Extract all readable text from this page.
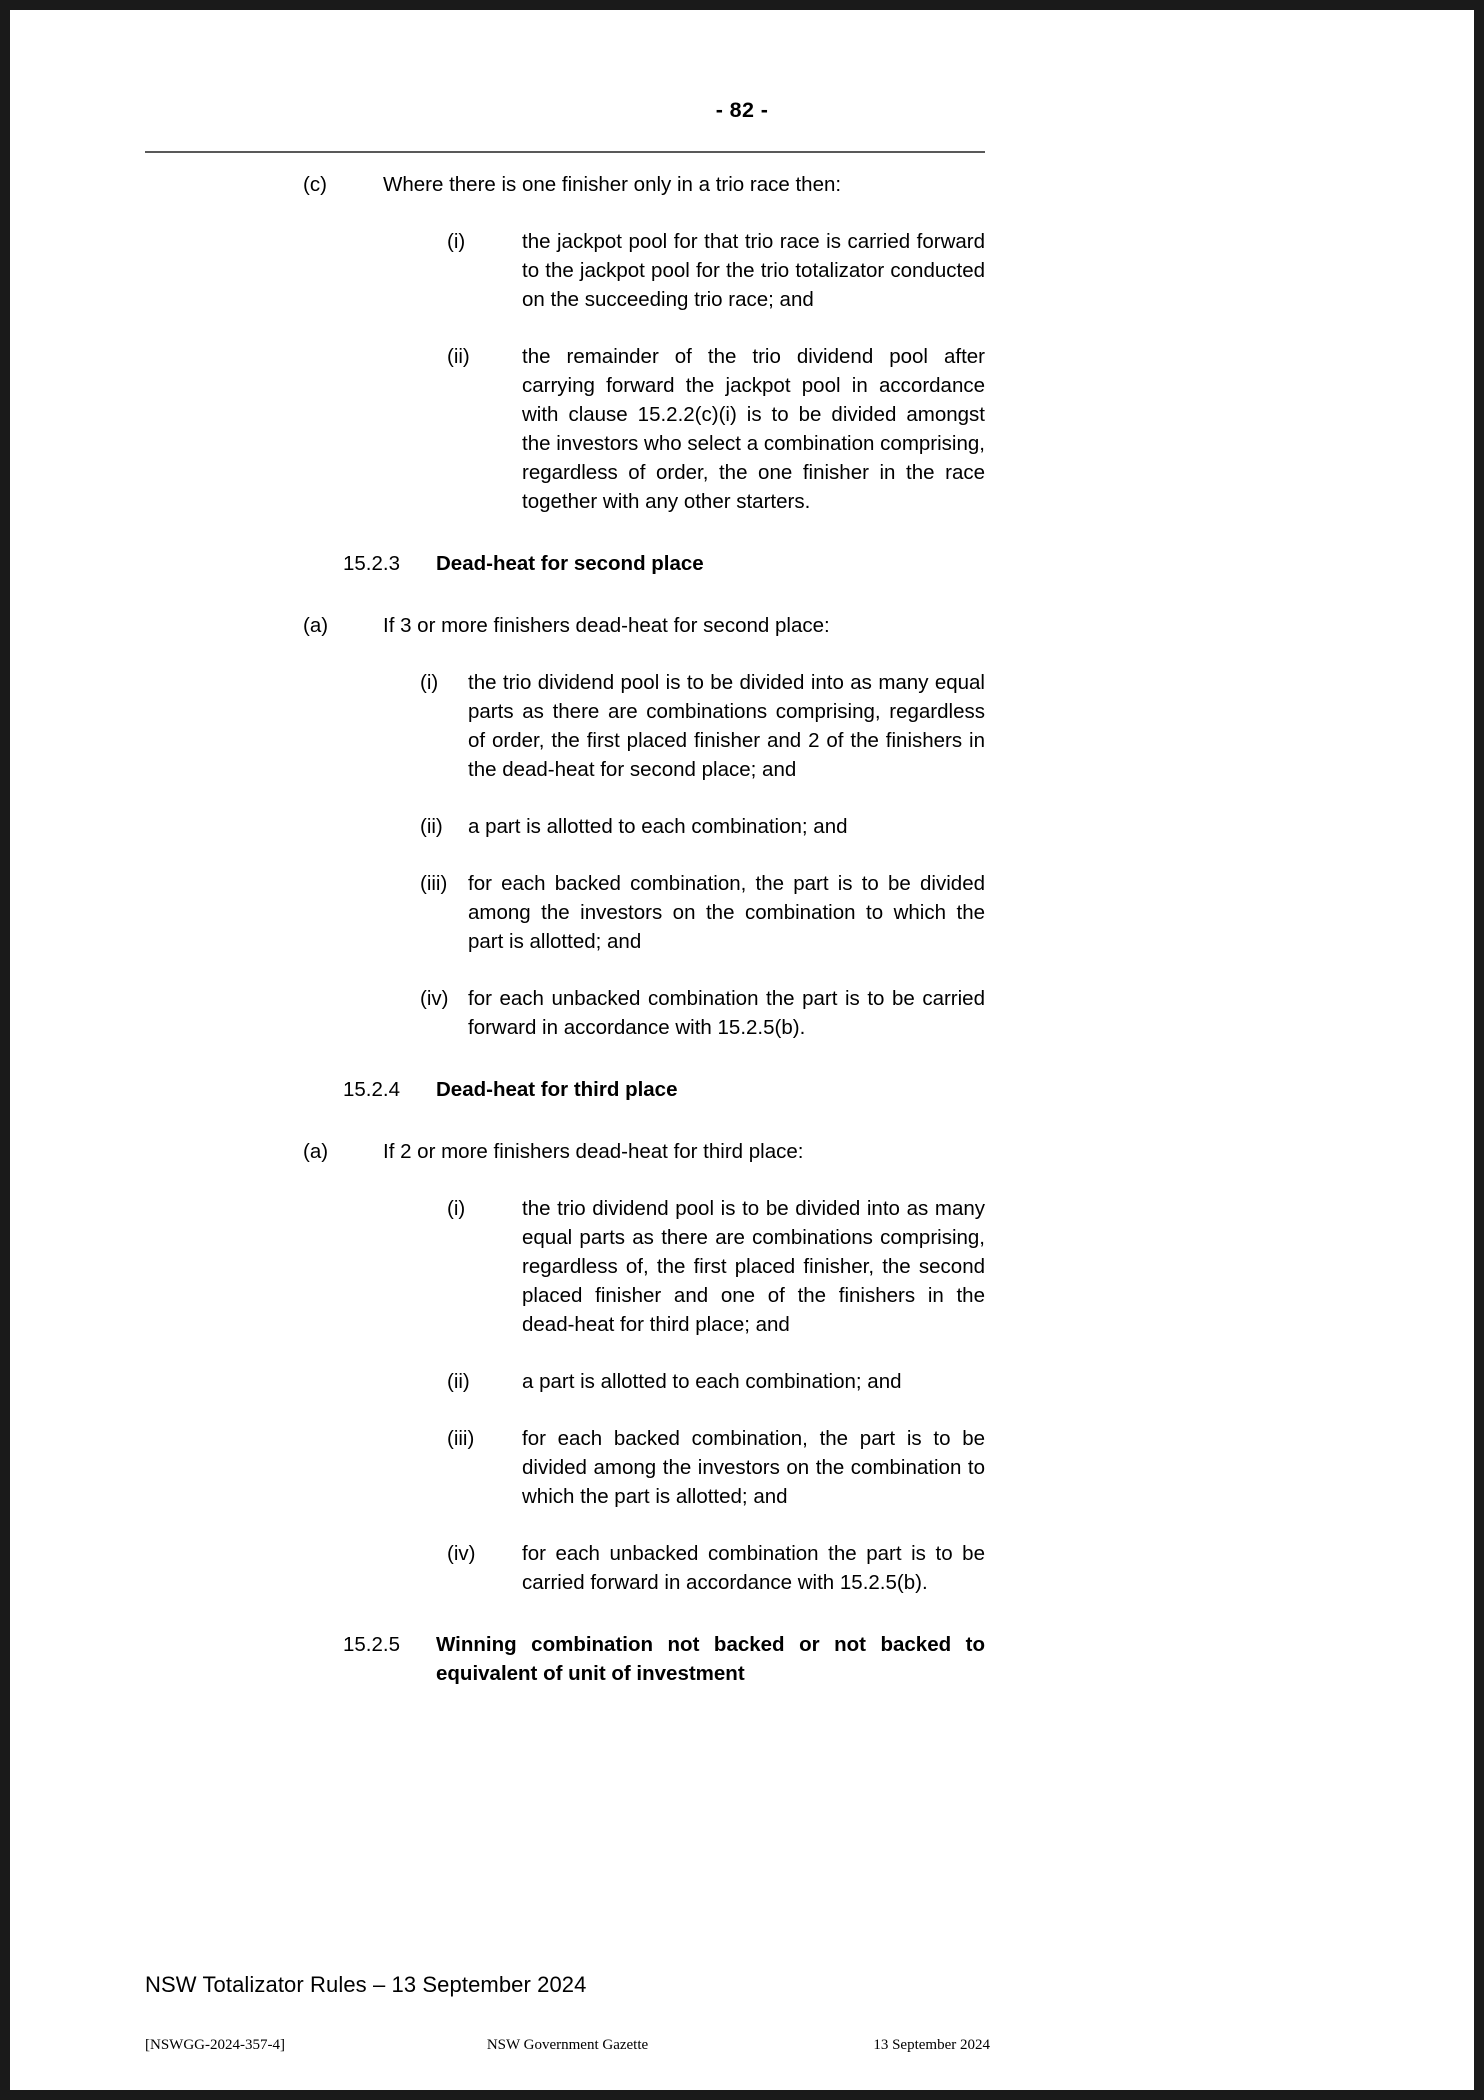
- 82 -
(c)	Where there is one finisher only in a trio race then:
(i)	the jackpot pool for that trio race is carried forward to the jackpot pool for the trio totalizator conducted on the succeeding trio race; and
(ii)	the remainder of the trio dividend pool after carrying forward the jackpot pool in accordance with clause 15.2.2(c)(i) is to be divided amongst the investors who select a combination comprising, regardless of order, the one finisher in the race together with any other starters.
15.2.3	Dead-heat for second place
(a)	If 3 or more finishers dead-heat for second place:
(i)	the trio dividend pool is to be divided into as many equal parts as there are combinations comprising, regardless of order, the first placed finisher and 2 of the finishers in the dead-heat for second place; and
(ii)	a part is allotted to each combination; and
(iii)	for each backed combination, the part is to be divided among the investors on the combination to which the part is allotted; and
(iv) for each unbacked combination the part is to be carried forward in accordance with 15.2.5(b).
15.2.4	Dead-heat for third place
(a)	If 2 or more finishers dead-heat for third place:
(i)	the trio dividend pool is to be divided into as many equal parts as there are combinations comprising, regardless of, the first placed finisher, the second placed finisher and one of the finishers in the dead-heat for third place; and
(ii)	a part is allotted to each combination; and
(iii)	for each backed combination, the part is to be divided among the investors on the combination to which the part is allotted; and
(iv)	for each unbacked combination the part is to be carried forward in accordance with 15.2.5(b).
15.2.5	Winning combination not backed or not backed to equivalent of unit of investment
NSW Totalizator Rules – 13 September 2024
[NSWGG-2024-357-4]	NSW Government Gazette	13 September 2024
